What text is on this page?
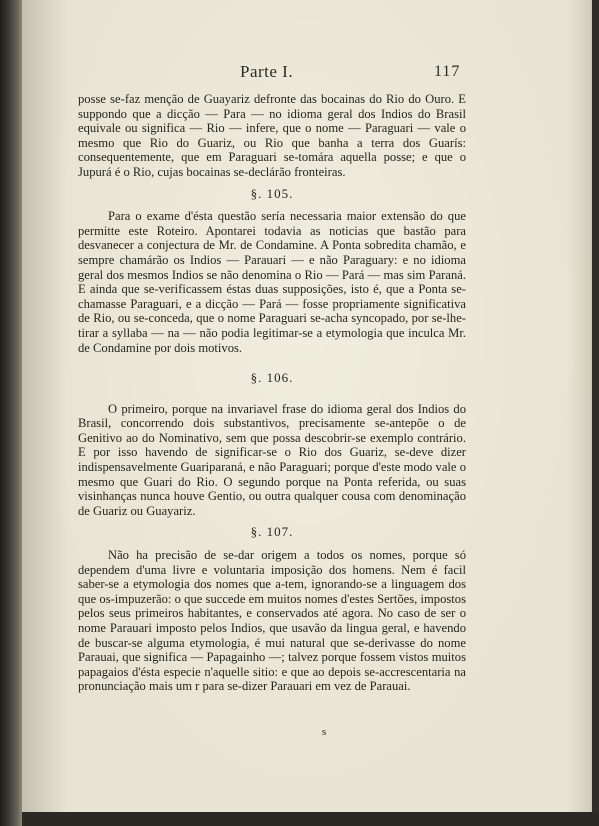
Parte I.	117

posse se-faz menção de Guayariz defronte das bocainas do Rio do Ouro. E suppondo que a dicção — Para — no idioma geral dos Indios do Brasil equivale ou significa — Rio — infere, que o nome — Paraguari — vale o mesmo que Rio do Guariz, ou Rio que banha a terra dos Guarís: consequentemente, que em Paraguari se-tomára aquella posse; e que o Jupurá é o Rio, cujas bocainas se-declárão fronteiras.

§. 105.

Para o exame d'ésta questão sería necessaria maior extensão do que permitte este Roteiro. Apontarei todavia as noticias que bastão para desvanecer a conjectura de Mr. de Condamine. A Ponta sobredita chamão, e sempre chamárão os Indios — Parauari — e não Paraguary: e no idioma geral dos mesmos Indios se não denomina o Rio — Pará — mas sim Paraná. E ainda que se-verificassem éstas duas supposições, isto é, que a Ponta se-chamasse Paraguari, e a dicção — Pará — fosse propriamente significativa de Rio, ou se-conceda, que o nome Paraguari se-acha syncopado, por se-lhe-tirar a syllaba — na — não podia legitimar-se a etymologia que inculca Mr. de Condamine por dois motivos.

§. 106.

O primeiro, porque na invariavel frase do idioma geral dos Indios do Brasil, concorrendo dois substantivos, precisamente se-antepõe o de Genitivo ao do Nominativo, sem que possa descobrir-se exemplo contrário. E por isso havendo de significar-se o Rio dos Guariz, se-deve dizer indispensavelmente Guariparaná, e não Paraguari; porque d'este modo vale o mesmo que Guari do Rio. O segundo porque na Ponta referida, ou suas visinhanças nunca houve Gentio, ou outra qualquer cousa com denominação de Guariz ou Guayariz.

§. 107.

Não ha precisão de se-dar origem a todos os nomes, porque só dependem d'uma livre e voluntaria imposição dos homens. Nem é facil saber-se a etymologia dos nomes que a-tem, ignorando-se a linguagem dos que os-impuzerão: o que succede em muitos nomes d'estes Sertões, impostos pelos seus primeiros habitantes, e conservados até agora. No caso de ser o nome Parauari imposto pelos Indios, que usavão da lingua geral, e havendo de buscar-se alguma etymologia, é mui natural que se-derivasse do nome Parauai, que significa — Papagainho —; talvez porque fossem vistos muitos papagaios d'ésta especie n'aquelle sitio: e que ao depois se-accrescentaria na pronunciação mais um r para se-dizer Parauari em vez de Parauai.

s
